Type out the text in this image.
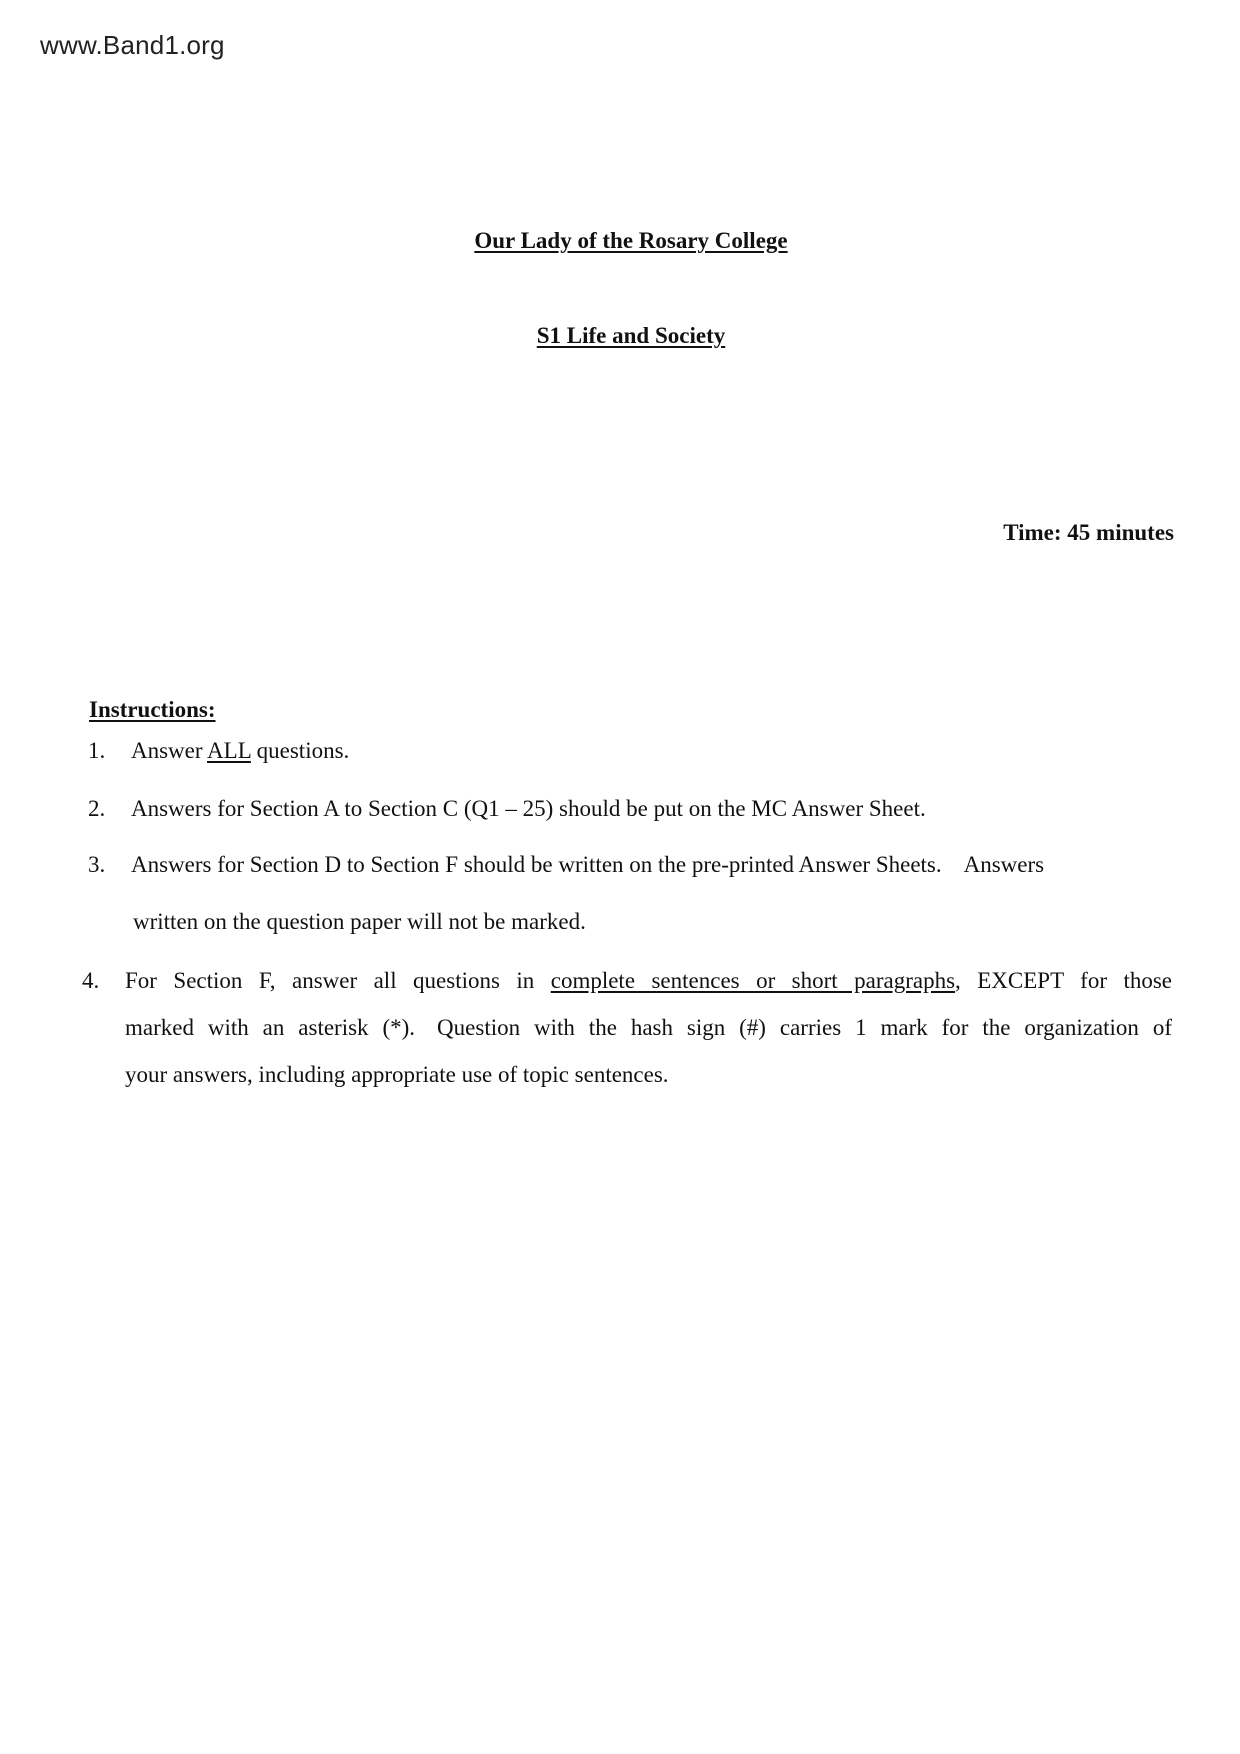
www.Band1.org
Our Lady of the Rosary College
S1 Life and Society
Time: 45 minutes
Instructions:
1. Answer ALL questions.
2. Answers for Section A to Section C (Q1 – 25) should be put on the MC Answer Sheet.
3. Answers for Section D to Section F should be written on the pre-printed Answer Sheets. Answers
written on the question paper will not be marked.
4. For Section F, answer all questions in complete sentences or short paragraphs, EXCEPT for those
marked with an asterisk (*). Question with the hash sign (#) carries 1 mark for the organization of
your answers, including appropriate use of topic sentences.
